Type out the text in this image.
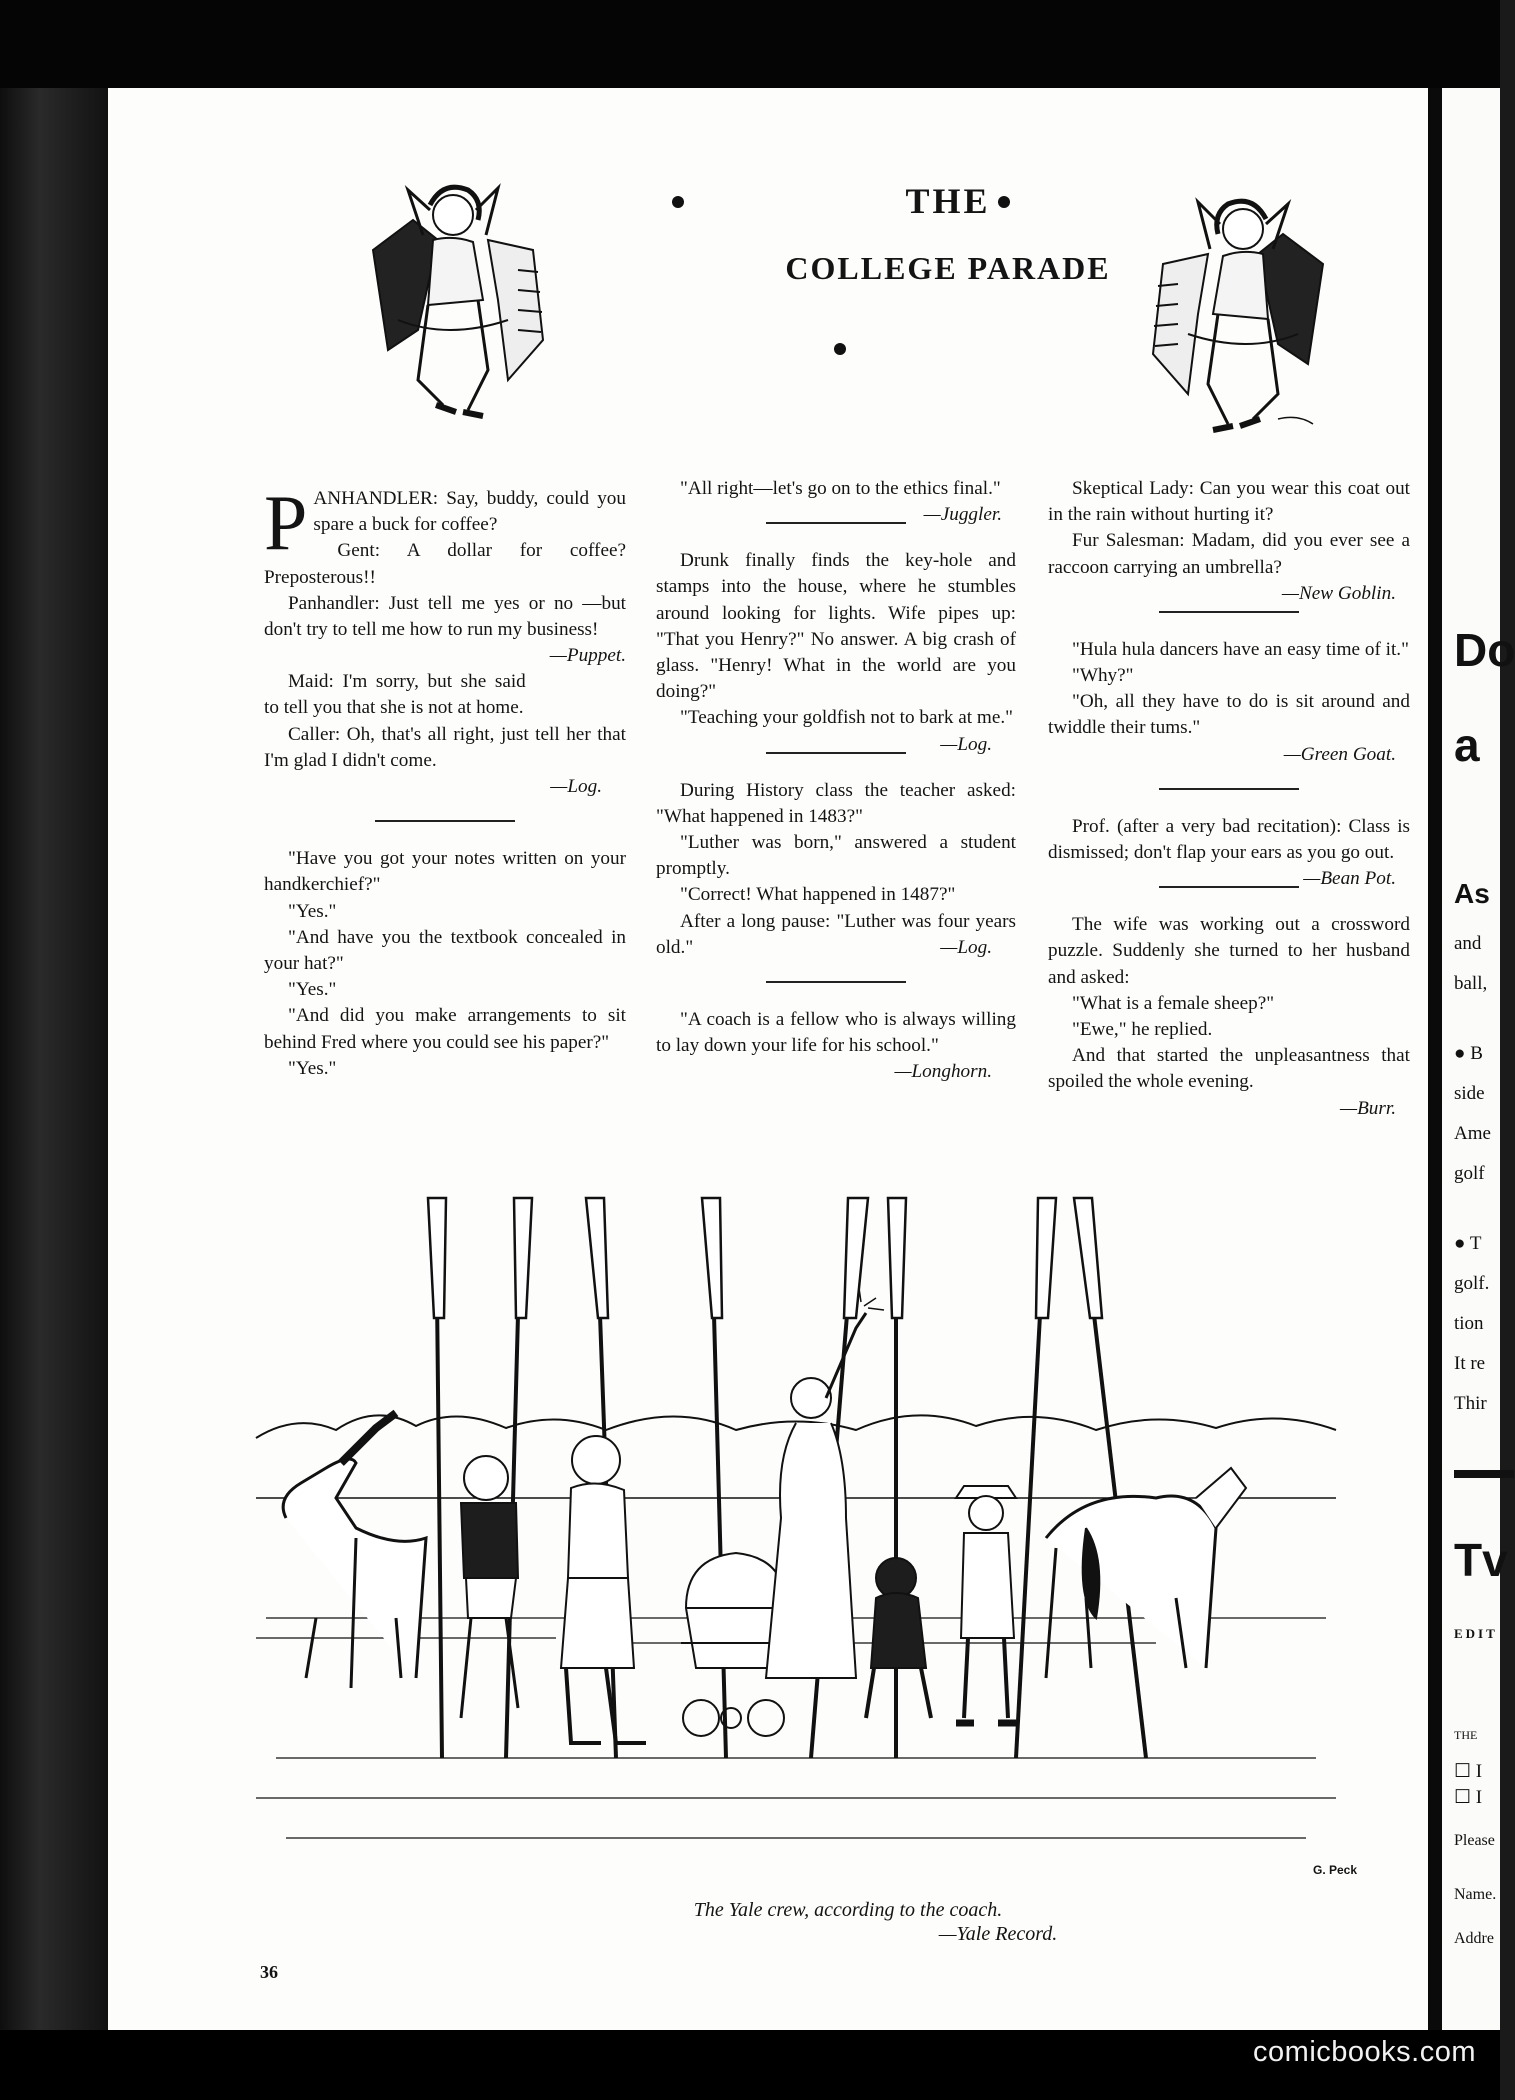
THE
COLLEGE PARADE

PANHANDLER: Say, buddy, could you spare a buck for coffee?

Gent: A dollar for coffee? Preposterous!!

Panhandler: Just tell me yes or no —but don't try to tell me how to run my business!
—Puppet.

Maid: I'm sorry, but she said to tell you that she is not at home.

Caller: Oh, that's all right, just tell her that I'm glad I didn't come.

—Log.

"Have you got your notes written on your handkerchief?"

"Yes."

"And have you the textbook concealed in your hat?"

"Yes."

"And did you make arrangements to sit behind Fred where you could see his paper?"

"Yes."

"All right—let's go on to the ethics final."
—Juggler.

Drunk finally finds the key-hole and stamps into the house, where he stumbles around looking for lights. Wife pipes up: "That you Henry?" No answer. A big crash of glass. "Henry! What in the world are you doing?"

"Teaching your goldfish not to bark at me."
—Log.

During History class the teacher asked: "What happened in 1483?"

"Luther was born," answered a student promptly.

"Correct! What happened in 1487?"

After a long pause: "Luther was four years old."	—Log.

"A coach is a fellow who is always willing to lay down your life for his school."
—Longhorn.

Skeptical Lady: Can you wear this coat out in the rain without hurting it?

Fur Salesman: Madam, did you ever see a raccoon carrying an umbrella?
—New Goblin.

"Hula hula dancers have an easy time of it."

"Why?"

"Oh, all they have to do is sit around and twiddle their tums."

—Green Goat.

Prof. (after a very bad recitation): Class is dismissed; don't flap your ears as you go out.
—Bean Pot.

The wife was working out a crossword puzzle. Suddenly she turned to her husband and asked:

"What is a female sheep?"

"Ewe," he replied.

And that started the unpleasantness that spoiled the whole evening.

—Burr.
G. Peck
The Yale crew, according to the coach.
—Yale Record.
36
Do
a
As
and
ball,
● B
side
Ame
golf
● T
golf.
tion
It re
Thir
Tv
EDIT
THE
☐ I
☐ I
Please
Name.
Addre
comicbooks.com
